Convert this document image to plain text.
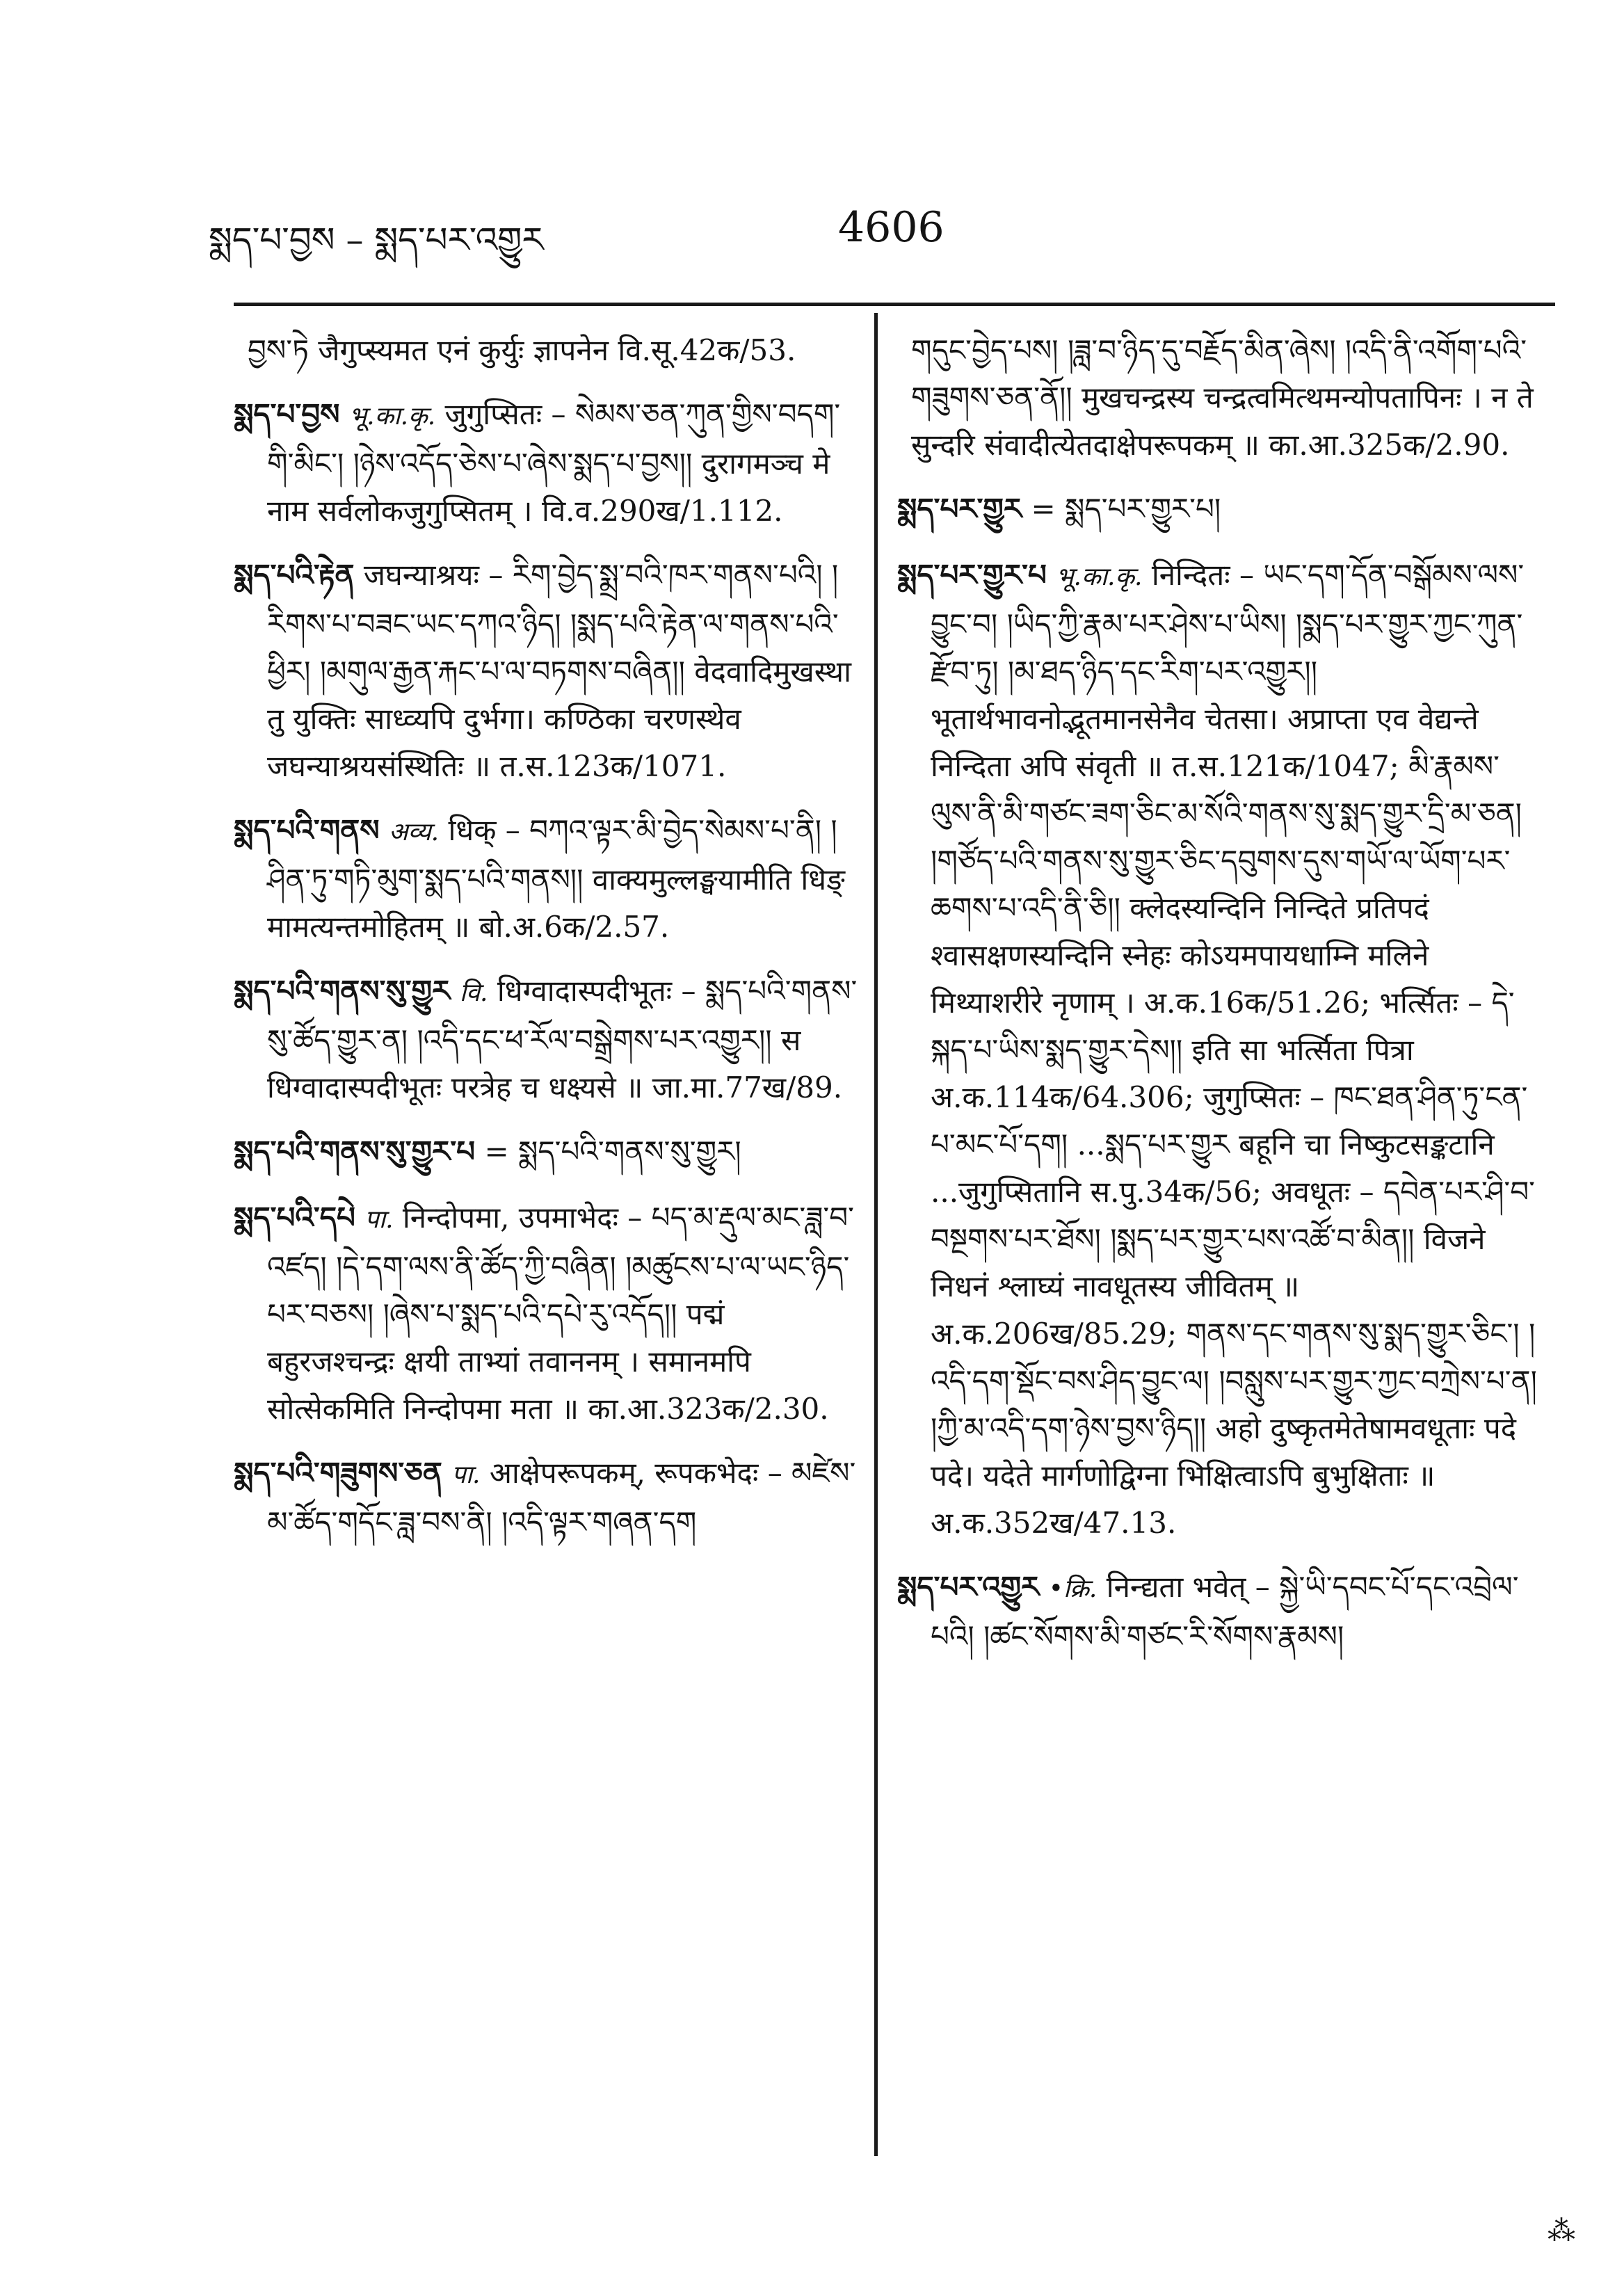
སྨད་པ་བྱས – སྨད་པར་འགྱུར	4606

བྱས་ཏེ जैगुप्स्यमत एनं कुर्युः ज्ञापनेन वि.सू.42क/53.

སྨད་པ་བྱས भू.का.कृ. जुगुप्सितः – སེམས་ཅན་ཀུན་གྱིས་བདག་གི་མིང་། །ཉེས་འདོད་ཅེས་པ་ཞེས་སྨད་པ་བྱས།། दुरागमञ्च मे नाम सर्वलोकजुगुप्सितम् । वि.व.290ख/1.112.

སྨད་པའི་རྟེན जघन्याश्रयः – རིག་བྱེད་སྨྲ་བའི་ཁར་གནས་པའི། །རིགས་པ་བཟང་ཡང་དཀའ་ཉིད། །སྨད་པའི་རྟེན་ལ་གནས་པའི་ཕྱིར། །མགུལ་རྒྱན་རྐང་པ་ལ་བཏགས་བཞིན།། वेदवादिमुखस्था तु युक्तिः साध्व्यपि दुर्भगा। कण्ठिका चरणस्थेव जघन्याश्रयसंस्थितिः ॥ त.स.123क/1071.

སྨད་པའི་གནས अव्य. धिक् – བཀའ་ལྟར་མི་བྱེད་སེམས་པ་ནི། །ཤིན་ཏུ་གཏི་མུག་སྨད་པའི་གནས།། वाक्यमुल्लङ्घयामीति धिङ् मामत्यन्तमोहितम् ॥ बो.अ.6क/2.57.

སྨད་པའི་གནས་སུ་གྱུར वि. धिग्वादास्पदीभूतः – སྨད་པའི་གནས་སུ་ཚོད་གྱུར་ན། །འདི་དང་ཕ་རོལ་བསྒྲེགས་པར་འགྱུར།། स धिग्वादास्पदीभूतः परत्रेह च धक्ष्यसे ॥ जा.मा.77ख/89.

སྨད་པའི་གནས་སུ་གྱུར་པ = སྨད་པའི་གནས་སུ་གྱུར།

སྨད་པའི་དཔེ पा. निन्दोपमा, उपमाभेदः – པད་མ་རྡུལ་མང་ཟླ་བ་འཛད། །དེ་དག་ལས་ནི་ཚོད་ཀྱི་བཞིན། །མཚུངས་པ་ལ་ཡང་ཉིད་པར་བཅས། །ཞེས་པ་སྨད་པའི་དཔེ་རུ་འདོད།། पद्मं बहुरजश्चन्द्रः क्षयी ताभ्यां तवाननम् । समानमपि सोत्सेकमिति निन्दोपमा मता ॥ का.आ.323क/2.30.

སྨད་པའི་གཟུགས་ཅན पा. आक्षेपरूपकम्, रूपकभेदः – མཛེས་མ་ཚོད་གདོང་ཟླ་བས་ནི། །འདི་ལྟར་གཞན་དག

གདུང་བྱེད་པས། །ཟླ་བ་ཉིད་དུ་བརྗོད་མིན་ཞེས། །འདི་ནི་འགོག་པའི་གཟུགས་ཅན་ནོ།། मुखचन्द्रस्य चन्द्रत्वमित्थमन्योपतापिनः । न ते सुन्दरि संवादीत्येतदाक्षेपरूपकम् ॥ का.आ.325क/2.90.

སྨད་པར་གྱུར = སྨད་པར་གྱུར་པ།

སྨད་པར་གྱུར་པ भू.का.कृ. निन्दितः – ཡང་དག་དོན་བསྒོམས་ལས་བྱུང་བ། །ཡིད་ཀྱི་རྣམ་པར་ཤེས་པ་ཡིས། །སྨད་པར་གྱུར་ཀྱང་ཀུན་རྫོབ་ཏུ། །མ་ཐད་ཉིད་དང་རིག་པར་འགྱུར།། भूतार्थभावनोद्भूतमानसेनैव चेतसा। अप्राप्ता एव वेद्यन्ते निन्दिता अपि संवृती ॥ त.स.121क/1047; མི་རྣམས་ལུས་ནི་མི་གཙང་ཟག་ཅིང་མ་སོའི་གནས་སུ་སྨད་གྱུར་དྲི་མ་ཅན། །གཙོད་པའི་གནས་སུ་གྱུར་ཅིང་དབུགས་དུས་གཡོ་ལ་ཡོག་པར་ཆགས་པ་འདི་ནི་ཅི།། क्लेदस्यन्दिनि निन्दिते प्रतिपदं श्वासक्षणस्यन्दिनि स्नेहः कोऽयमपायधाम्नि मलिने मिथ्याशरीरे नृणाम् । अ.क.16क/51.26; भर्त्सितः – དེ་སྐད་པ་ཡིས་སྨད་གྱུར་དེས།། इति सा भर्त्सिता पित्रा अ.क.114क/64.306; जुगुप्सितः – ཁང་ཐན་ཤིན་ཏུ་ངན་པ་མང་པོ་དག། ...སྨད་པར་གྱུར बहूनि चा निष्कुटसङ्कटानि ...जुगुप्सितानि स.पु.34क/56; अवधूतः – དབེན་པར་ཤི་བ་བསྔགས་པར་ཐོས། །སྨད་པར་གྱུར་པས་འཚོ་བ་མིན།། विजने निधनं श्लाघ्यं नावधूतस्य जीवितम् ॥ अ.क.206ख/85.29; གནས་དང་གནས་སུ་སྨད་གྱུར་ཅིང་། །འདི་དག་སྡོང་བས་ཤིད་བྱུང་ལ། །བསླུས་པར་གྱུར་ཀྱང་བཀྲེས་པ་ན། །ཀྱི་མ་འདི་དག་ཉེས་བྱས་ཉིད།། अहो दुष्कृतमेतेषामवधूताः पदे पदे। यदेते मार्गणोद्विग्ना भिक्षित्वाऽपि बुभुक्षिताः ॥ अ.क.352ख/47.13.

སྨད་པར་འགྱུར •क्रि. निन्द्यता भवेत् – སྐྱེ་ཡི་དབང་པོ་དང་འབྲེལ་པའི། །ཚང་སོགས་མི་གཙང་རི་སོགས་རྣམས།

⁂
